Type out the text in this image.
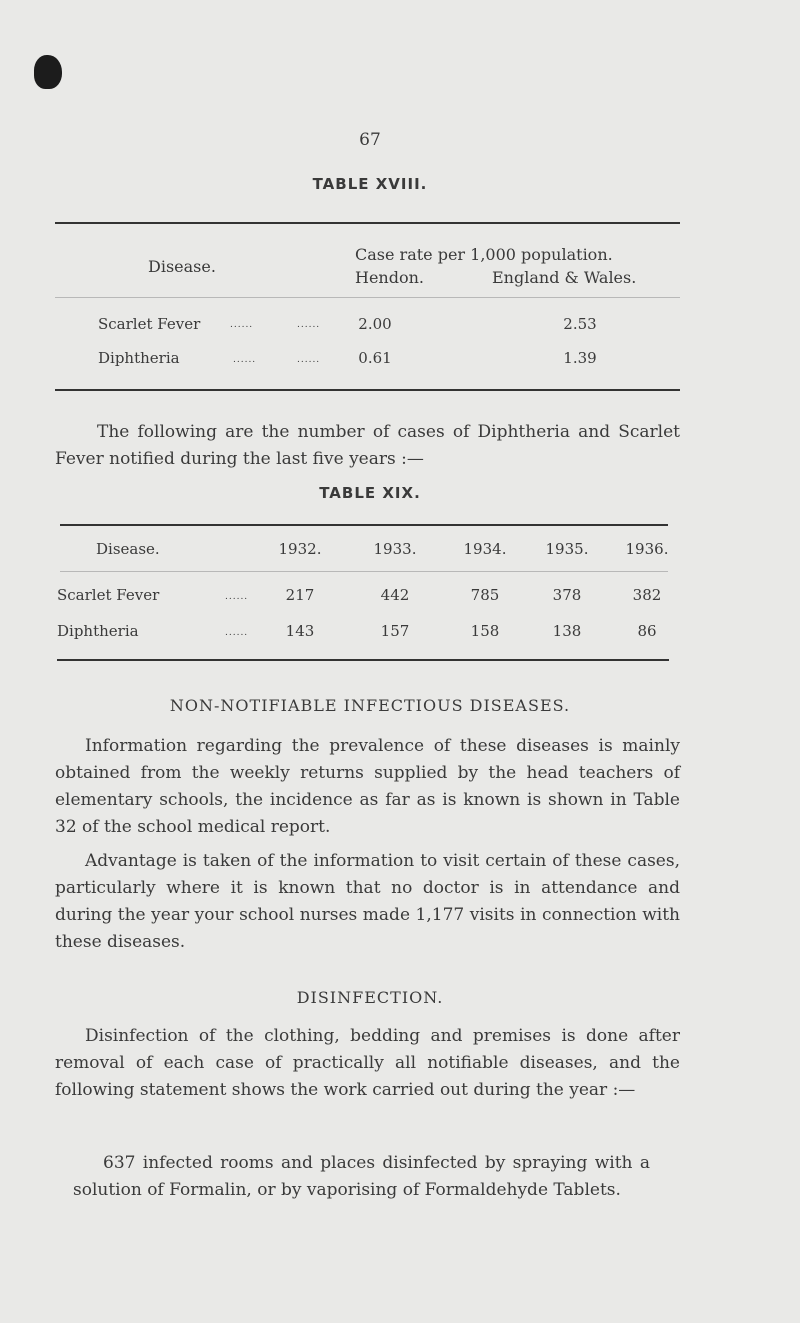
67
TABLE XVIII.
Case rate per 1,000 population.
Disease.
Hendon.	England & Wales.
Scarlet Fever	......	......	2.00	2.53
Diphtheria	......	......	0.61	1.39
The following are the number of cases of Diphtheria and Scarlet Fever notified during the last five years :—
TABLE XIX.
Disease.	1932.	1933.	1934.	1935.	1936.
Scarlet Fever	......	217	442	785	378	382
Diphtheria	......	143	157	158	138	86
NON-NOTIFIABLE INFECTIOUS DISEASES.
Information regarding the prevalence of these diseases is mainly obtained from the weekly returns supplied by the head teachers of elementary schools, the incidence as far as is known is shown in Table 32 of the school medical report.
Advantage is taken of the information to visit certain of these cases, particularly where it is known that no doctor is in attendance and during the year your school nurses made 1,177 visits in connection with these diseases.
DISINFECTION.
Disinfection of the clothing, bedding and premises is done after removal of each case of practically all notifiable diseases, and the following statement shows the work carried out during the year :—
637 infected rooms and places disinfected by spraying with a solution of Formalin, or by vaporising of Formaldehyde Tablets.
